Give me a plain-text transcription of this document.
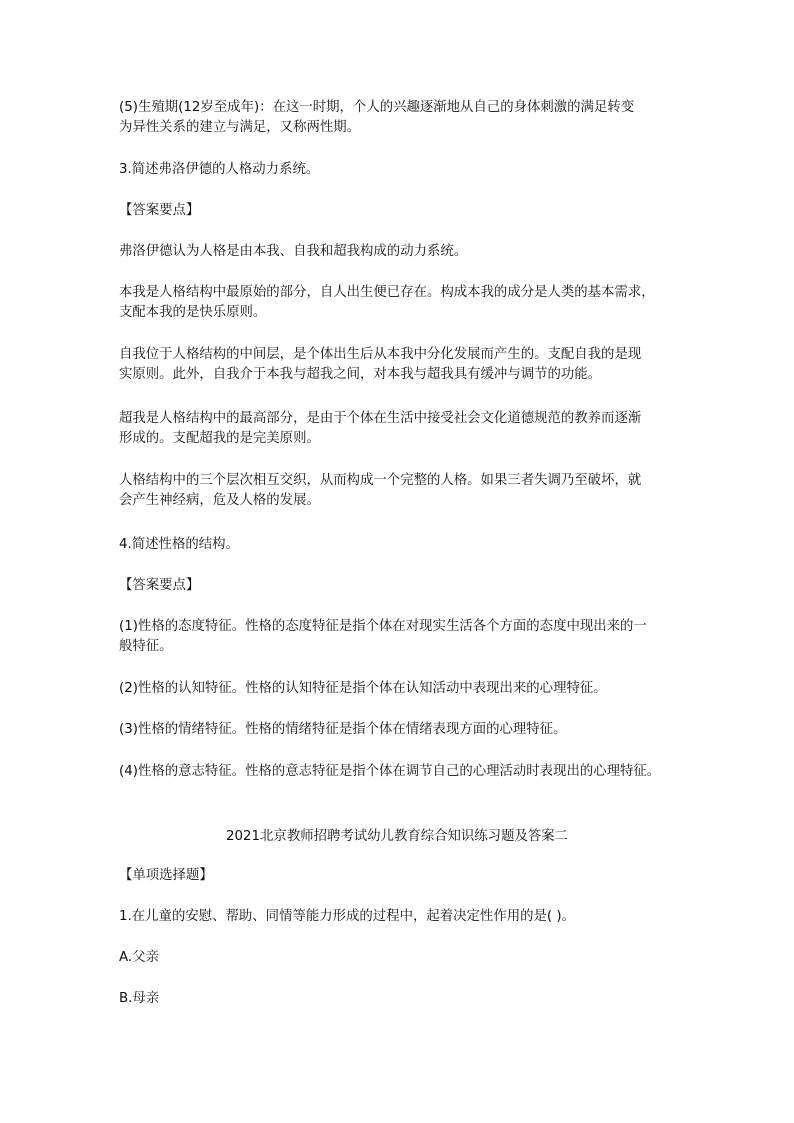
(5)生殖期(12岁至成年)：在这一时期，个人的兴趣逐渐地从自己的身体刺激的满足转变
为异性关系的建立与满足，又称两性期。
3.简述弗洛伊德的人格动力系统。
【答案要点】
弗洛伊德认为人格是由本我、自我和超我构成的动力系统。
本我是人格结构中最原始的部分，自人出生便已存在。构成本我的成分是人类的基本需求，
支配本我的是快乐原则。
自我位于人格结构的中间层，是个体出生后从本我中分化发展而产生的。支配自我的是现
实原则。此外，自我介于本我与超我之间，对本我与超我具有缓冲与调节的功能。
超我是人格结构中的最高部分，是由于个体在生活中接受社会文化道德规范的教养而逐渐
形成的。支配超我的是完美原则。
人格结构中的三个层次相互交织，从而构成一个完整的人格。如果三者失调乃至破坏，就
会产生神经病，危及人格的发展。
4.简述性格的结构。
【答案要点】
(1)性格的态度特征。性格的态度特征是指个体在对现实生活各个方面的态度中现出来的一
般特征。
(2)性格的认知特征。性格的认知特征是指个体在认知活动中表现出来的心理特征。
(3)性格的情绪特征。性格的情绪特征是指个体在情绪表现方面的心理特征。
(4)性格的意志特征。性格的意志特征是指个体在调节自己的心理活动时表现出的心理特征。
2021北京教师招聘考试幼儿教育综合知识练习题及答案二
【单项选择题】
1.在儿童的安慰、帮助、同情等能力形成的过程中，起着决定性作用的是( )。
A.父亲
B.母亲
